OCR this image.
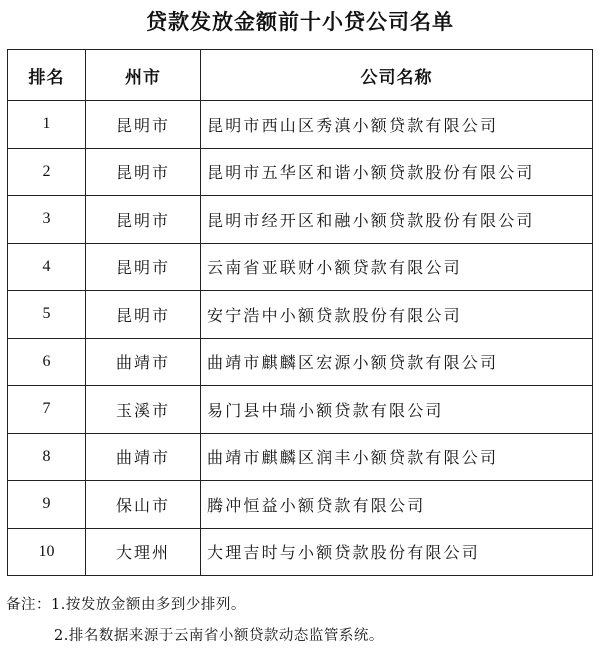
贷款发放金额前十小贷公司名单
排名	州市	公司名称
1	昆明市	昆明市西山区秀滇小额贷款有限公司
2	昆明市	昆明市五华区和谐小额贷款股份有限公司
3	昆明市	昆明市经开区和融小额贷款股份有限公司
4	昆明市	云南省亚联财小额贷款有限公司
5	昆明市	安宁浩中小额贷款股份有限公司
6	曲靖市	曲靖市麒麟区宏源小额贷款有限公司
7	玉溪市	易门县中瑞小额贷款有限公司
8	曲靖市	曲靖市麒麟区润丰小额贷款有限公司
9	保山市	腾冲恒益小额贷款有限公司
10	大理州	大理吉时与小额贷款股份有限公司
备注：1.按发放金额由多到少排列。
2.排名数据来源于云南省小额贷款动态监管系统。
